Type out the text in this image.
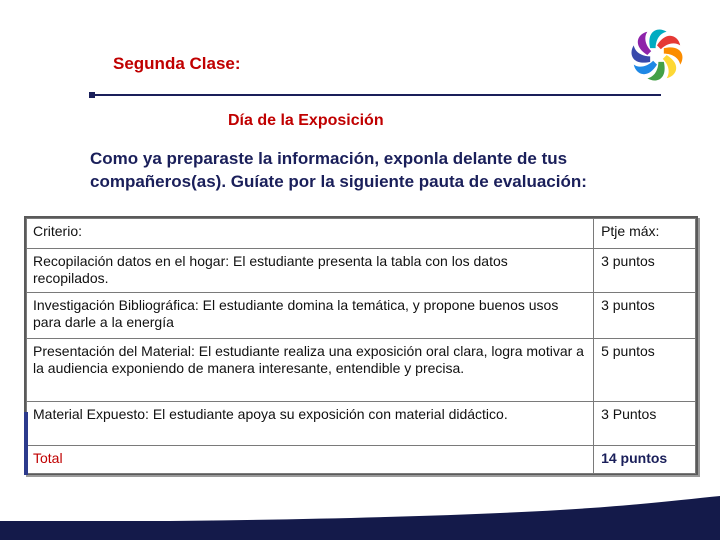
Segunda Clase:
Día de la Exposición
Como ya preparaste la información, exponla delante de tus compañeros(as). Guíate por la siguiente pauta de evaluación:
Criterio:	Ptje máx:
Recopilación datos en el hogar: El estudiante presenta la tabla con los datos recopilados.	3 puntos
Investigación Bibliográfica: El estudiante domina la temática, y propone buenos usos para darle a la energía	3 puntos
Presentación del Material: El estudiante realiza una exposición oral clara, logra motivar a la audiencia exponiendo de manera interesante, entendible y precisa.	5 puntos
Material Expuesto: El estudiante apoya su exposición con material didáctico.	3 Puntos
Total	14 puntos
